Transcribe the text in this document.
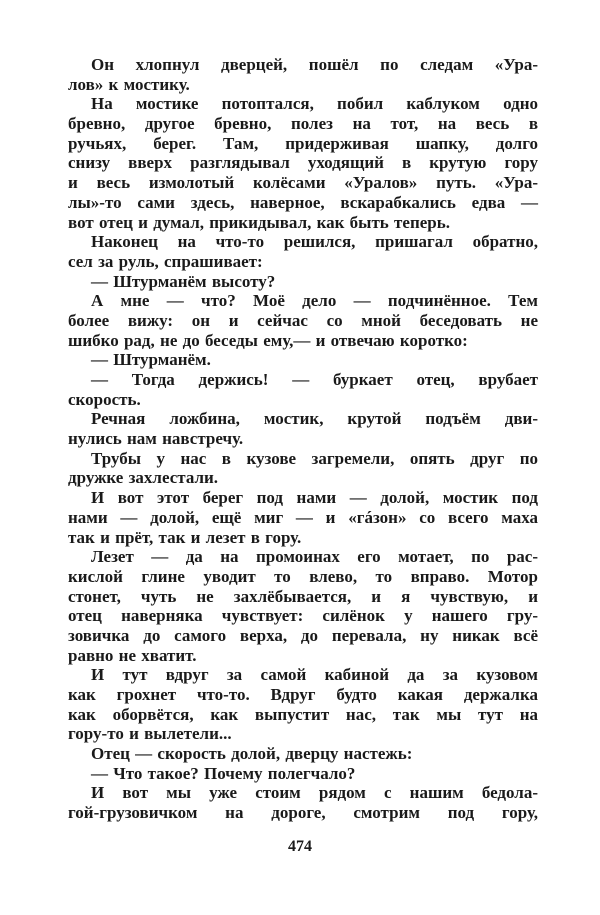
Он хлопнул дверцей, пошёл по следам «Ура-
лов» к мостику.
На мостике потоптался, побил каблуком одно
бревно, другое бревно, полез на тот, на весь в
ручьях, берег. Там, придерживая шапку, долго
снизу вверх разглядывал уходящий в крутую гору
и весь измолотый колёсами «Уралов» путь. «Ура-
лы»-то сами здесь, наверное, вскарабкались едва —
вот отец и думал, прикидывал, как быть теперь.
Наконец на что-то решился, пришагал обратно,
сел за руль, спрашивает:
— Штурманём высоту?
А мне — что? Моё дело — подчинённое. Тем
более вижу: он и сейчас со мной беседовать не
шибко рад, не до беседы ему,— и отвечаю коротко:
— Штурманём.
— Тогда держись! — буркает отец, врубает
скорость.
Речная ложбина, мостик, крутой подъём дви-
нулись нам навстречу.
Трубы у нас в кузове загремели, опять друг по
дружке захлестали.
И вот этот берег под нами — долой, мостик под
нами — долой, ещё миг — и «гáзон» со всего маха
так и прёт, так и лезет в гору.
Лезет — да на промоинах его мотает, по рас-
кислой глине уводит то влево, то вправо. Мотор
стонет, чуть не захлёбывается, и я чувствую, и
отец наверняка чувствует: силёнок у нашего гру-
зовичка до самого верха, до перевала, ну никак всё
равно не хватит.
И тут вдруг за самой кабиной да за кузовом
как грохнет что-то. Вдруг будто какая держалка
как оборвётся, как выпустит нас, так мы тут на
гору-то и вылетели...
Отец — скорость долой, дверцу настежь:
— Что такое? Почему полегчало?
И вот мы уже стоим рядом с нашим бедола-
гой-грузовичком на дороге, смотрим под гору,
474
